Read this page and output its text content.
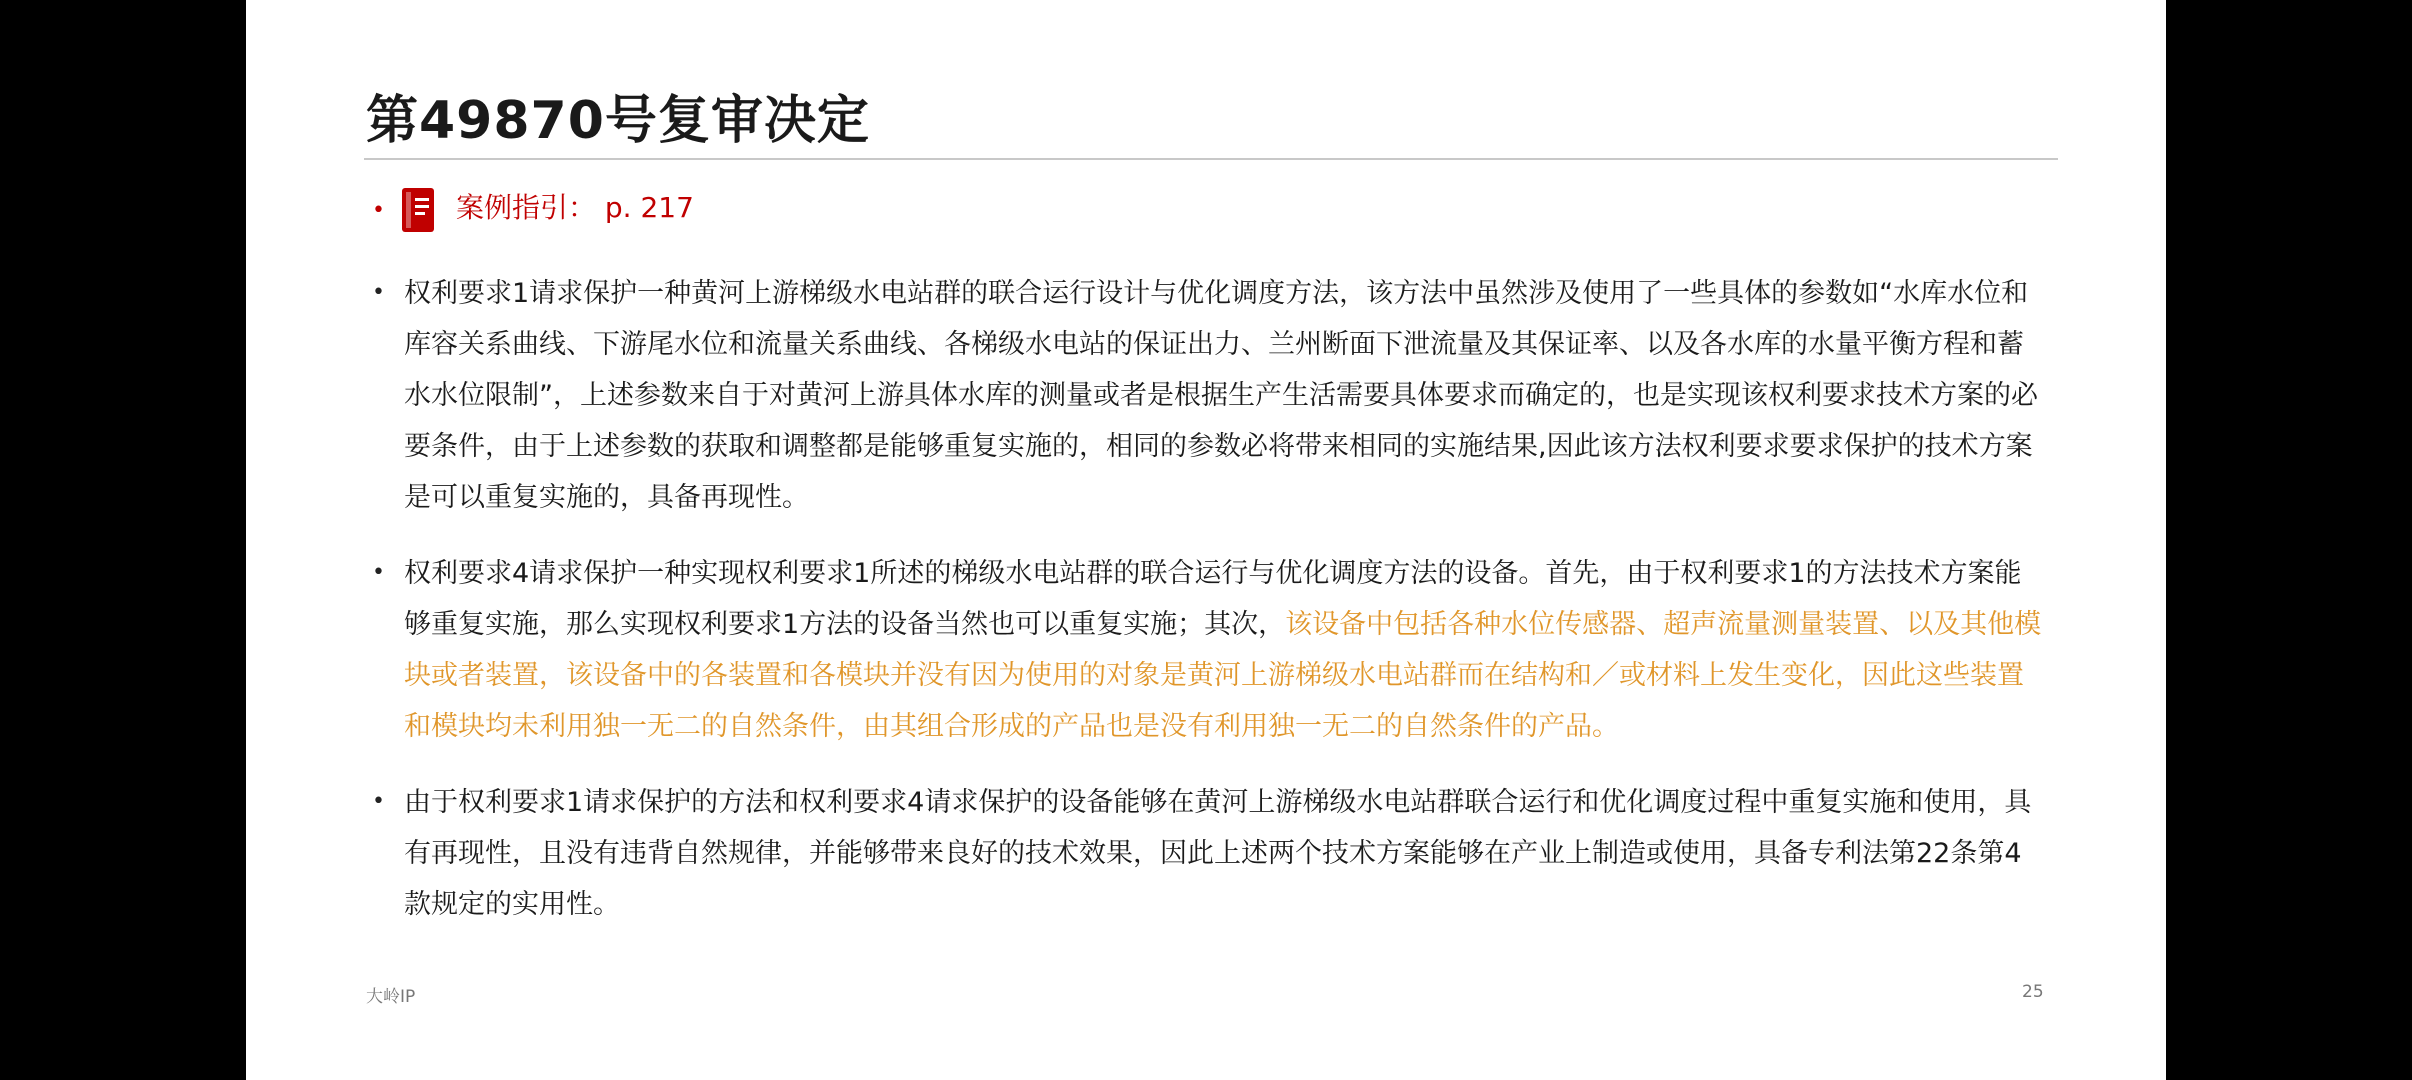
第49870号复审决定
•	案例指引： p. 217
• 权利要求1请求保护一种黄河上游梯级水电站群的联合运行设计与优化调度方法，该方法中虽然涉及使用了一些具体的参数如“水库水位和库容关系曲线、下游尾水位和流量关系曲线、各梯级水电站的保证出力、兰州断面下泄流量及其保证率、以及各水库的水量平衡方程和蓄水水位限制”，上述参数来自于对黄河上游具体水库的测量或者是根据生产生活需要具体要求而确定的，也是实现该权利要求技术方案的必要条件，由于上述参数的获取和调整都是能够重复实施的，相同的参数必将带来相同的实施结果,因此该方法权利要求要求保护的技术方案是可以重复实施的，具备再现性。

• 权利要求4请求保护一种实现权利要求1所述的梯级水电站群的联合运行与优化调度方法的设备。首先，由于权利要求1的方法技术方案能够重复实施，那么实现权利要求1方法的设备当然也可以重复实施；其次，该设备中包括各种水位传感器、超声流量测量装置、以及其他模块或者装置，该设备中的各装置和各模块并没有因为使用的对象是黄河上游梯级水电站群而在结构和／或材料上发生变化，因此这些装置和模块均未利用独一无二的自然条件，由其组合形成的产品也是没有利用独一无二的自然条件的产品。

• 由于权利要求1请求保护的方法和权利要求4请求保护的设备能够在黄河上游梯级水电站群联合运行和优化调度过程中重复实施和使用，具有再现性，且没有违背自然规律，并能够带来良好的技术效果，因此上述两个技术方案能够在产业上制造或使用，具备专利法第22条第4款规定的实用性。

大岭IP	25
